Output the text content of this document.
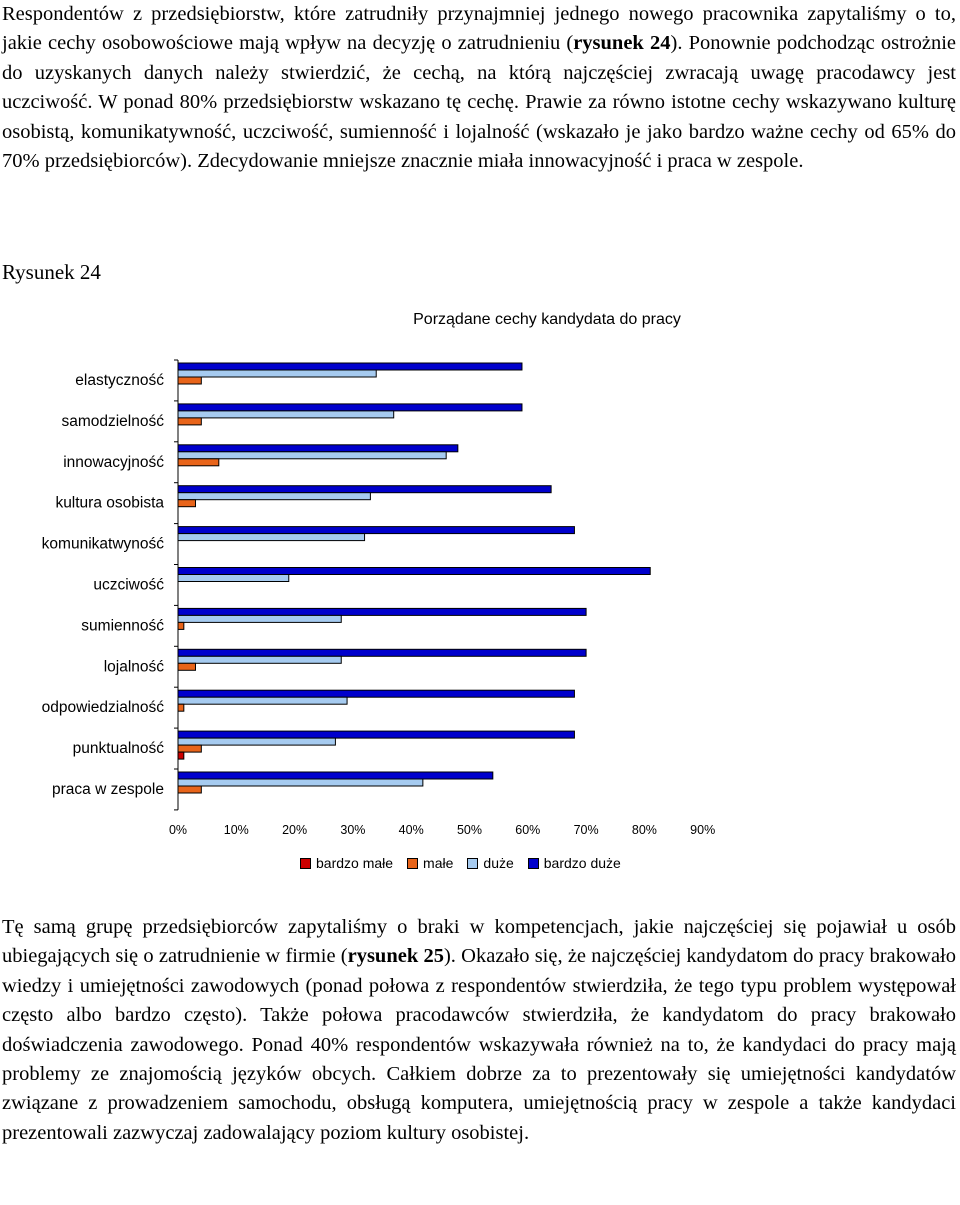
Respondentów z przedsiębiorstw, które zatrudniły przynajmniej jednego nowego pracownika zapytaliśmy o to, jakie cechy osobowościowe mają wpływ na decyzję o zatrudnieniu (rysunek 24). Ponownie podchodząc ostrożnie do uzyskanych danych należy stwierdzić, że cechą, na którą najczęściej zwracają uwagę pracodawcy jest uczciwość. W ponad 80% przedsiębiorstw wskazano tę cechę. Prawie za równo istotne cechy wskazywano kulturę osobistą, komunikatywność, uczciwość, sumienność i lojalność (wskazało je jako bardzo ważne cechy od 65% do 70% przedsiębiorców). Zdecydowanie mniejsze znacznie miała innowacyjność i praca w zespole.

Rysunek 24
Porządane cechy kandydata do pracy
elastyczność
samodzielność
innowacyjność
kultura osobista
komunikatwyność
uczciwość
sumienność
lojalność
odpowiedzialność
punktualność
praca w zespole
0%	10%	20%	30%	40%	50%	60%	70%	80%	90%
bardzo małe małe duże bardzo duże

Tę samą grupę przedsiębiorców zapytaliśmy o braki w kompetencjach, jakie najczęściej się pojawiał u osób ubiegających się o zatrudnienie w firmie (rysunek 25). Okazało się, że najczęściej kandydatom do pracy brakowało wiedzy i umiejętności zawodowych (ponad połowa z respondentów stwierdziła, że tego typu problem występował często albo bardzo często). Także połowa pracodawców stwierdziła, że kandydatom do pracy brakowało doświadczenia zawodowego. Ponad 40% respondentów wskazywała również na to, że kandydaci do pracy mają problemy ze znajomością języków obcych. Całkiem dobrze za to prezentowały się umiejętności kandydatów związane z prowadzeniem samochodu, obsługą komputera, umiejętnością pracy w zespole a także kandydaci prezentowali zazwyczaj zadowalający poziom kultury osobistej.
